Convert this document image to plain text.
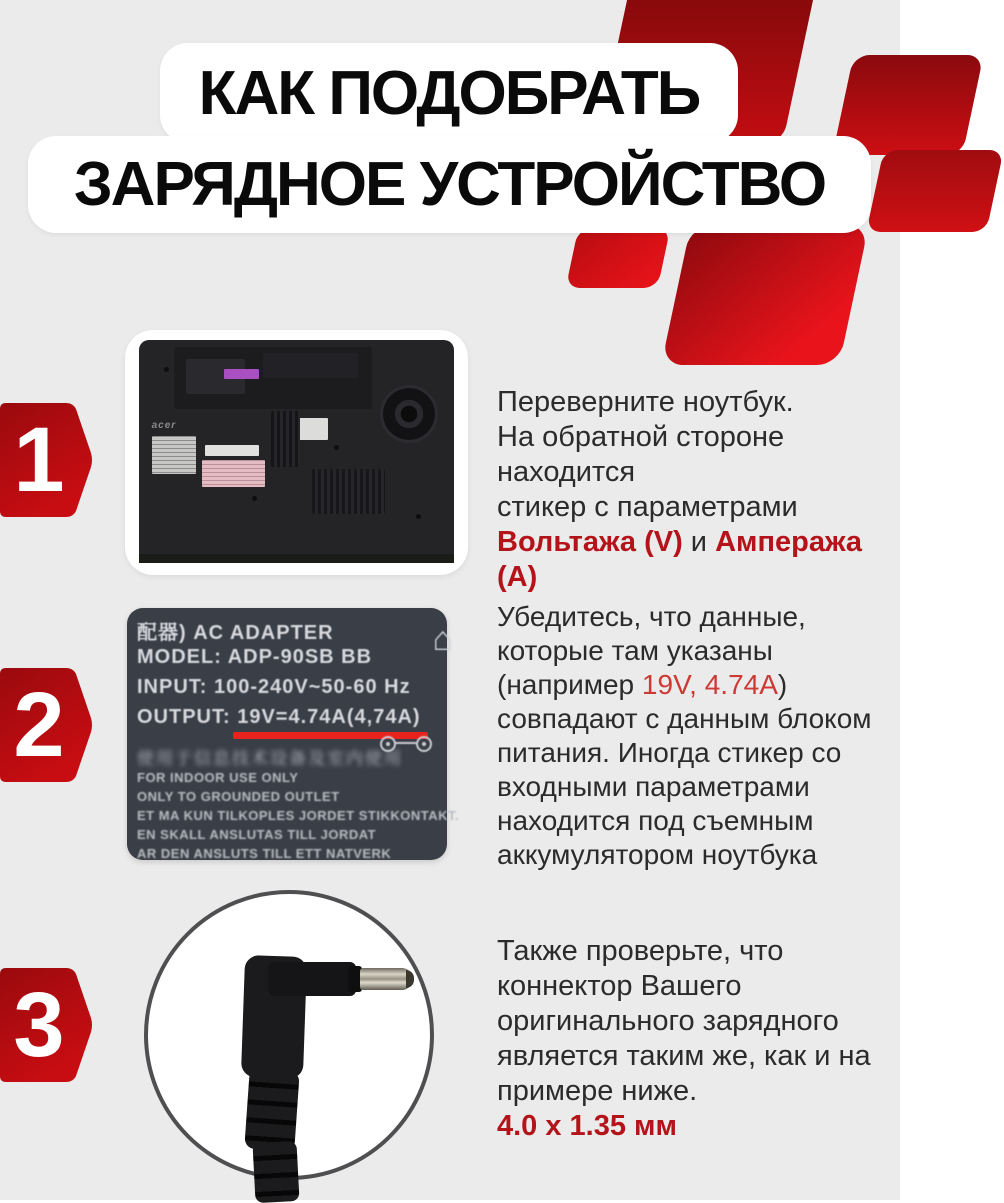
КАК ПОДОБРАТЬ
ЗАРЯДНОЕ УСТРОЙСТВО
1
2
3
acer
Переверните ноутбук.
На обратной стороне находится
стикер с параметрами
Вольтажа (V) и Ампеража (A)
配器) AC ADAPTER
MODEL: ADP-90SB BB
INPUT: 100-240V~50-60 Hz
OUTPUT: 19V=4.74A(4,74A)
使用于信息技术设备及室内使用
FOR INDOOR USE ONLY
ONLY TO GROUNDED OUTLET
ET MA KUN TILKOPLES JORDET STIKKONTAKT.
EN SKALL ANSLUTAS TILL JORDAT
AR DEN ANSLUTS TILL ETT NATVERK
⌂
Убедитесь, что данные,
которые там указаны
(например 19V, 4.74A)
совпадают с данным блоком
питания. Иногда стикер со
входными параметрами
находится под съемным
аккумулятором ноутбука
Также проверьте, что
коннектор Вашего
оригинального зарядного
является таким же, как и на
примере ниже.
4.0 x 1.35 мм
